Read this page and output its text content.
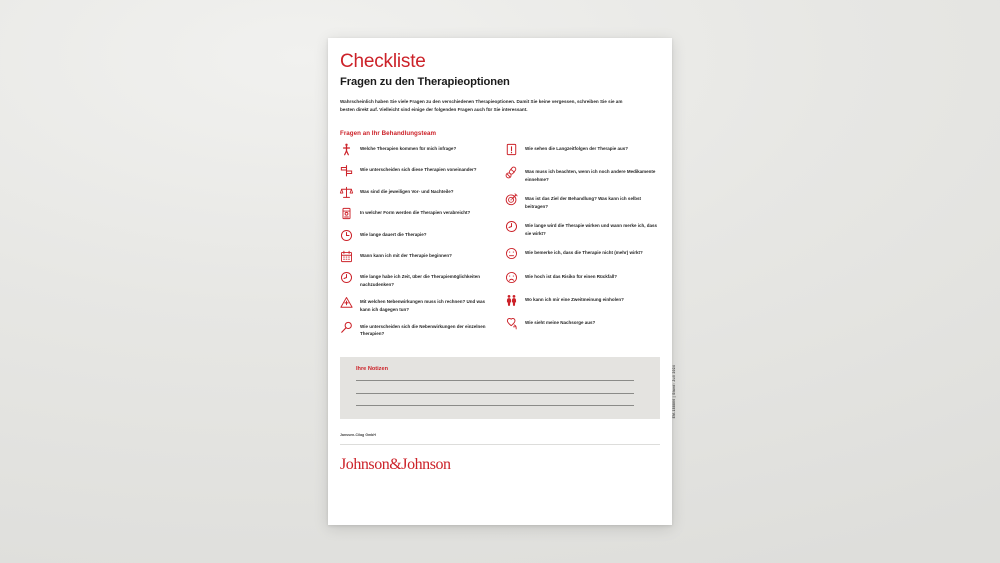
Checkliste
Fragen zu den Therapieoptionen

Wahrscheinlich haben Sie viele Fragen zu den verschiedenen Therapieoptionen. Damit Sie keine vergessen, schreiben Sie sie am besten direkt auf. Vielleicht sind einige der folgenden Fragen auch für Sie interessant.

Fragen an Ihr Behandlungsteam
Welche Therapien kommen für mich infrage?
Wie unterscheiden sich diese Therapien voneinander?
Was sind die jeweiligen Vor- und Nachteile?
In welcher Form werden die Therapien verabreicht?
Wie lange dauert die Therapie?
Wann kann ich mit der Therapie beginnen?
Wie lange habe ich Zeit, über die Therapiemöglichkeiten nachzudenken?
Mit welchen Nebenwirkungen muss ich rechnen? Und was kann ich dagegen tun?
Wie unterscheiden sich die Nebenwirkungen der einzelnen Therapien?
Wie sehen die Langzeitfolgen der Therapie aus?
Was muss ich beachten, wenn ich noch andere Medikamente einnehme?
Was ist das Ziel der Behandlung? Was kann ich selbst beitragen?
Wie lange wird die Therapie wirken und wann merke ich, dass sie wirkt?
Wie bemerke ich, dass die Therapie nicht (mehr) wirkt?
Wie hoch ist das Risiko für einen Rückfall?
Wo kann ich mir eine Zweitmeinung einholen?
Wie sieht meine Nachsorge aus?
Ihre Notizen	EM-188806 | Stand: Juli 2024
Janssen-Cilag GmbH
Johnson&Johnson
